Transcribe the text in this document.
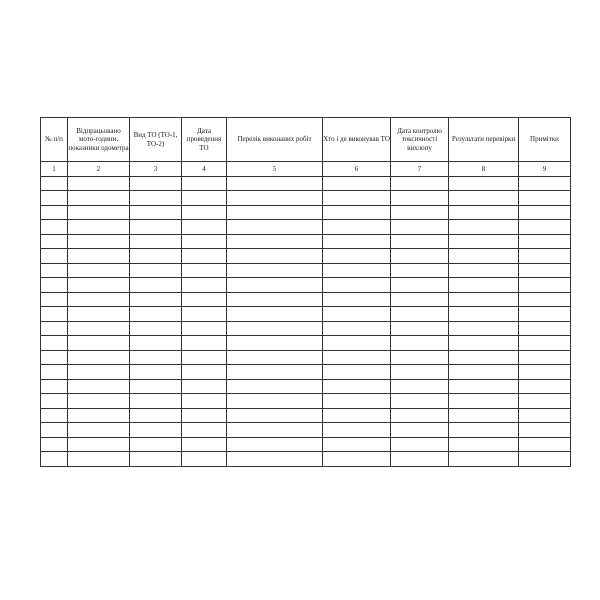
№ п/п	Відпрацьовано мото-години, показники одометра	Вид ТО (ТО-1, ТО-2)	Дата проведення ТО	Перелік виконаних робіт	Хто і де виконував ТО	Дата контролю токсичності вихлопу	Результати перевірки	Примітки
1	2	3	4	5	6	7	8	9
